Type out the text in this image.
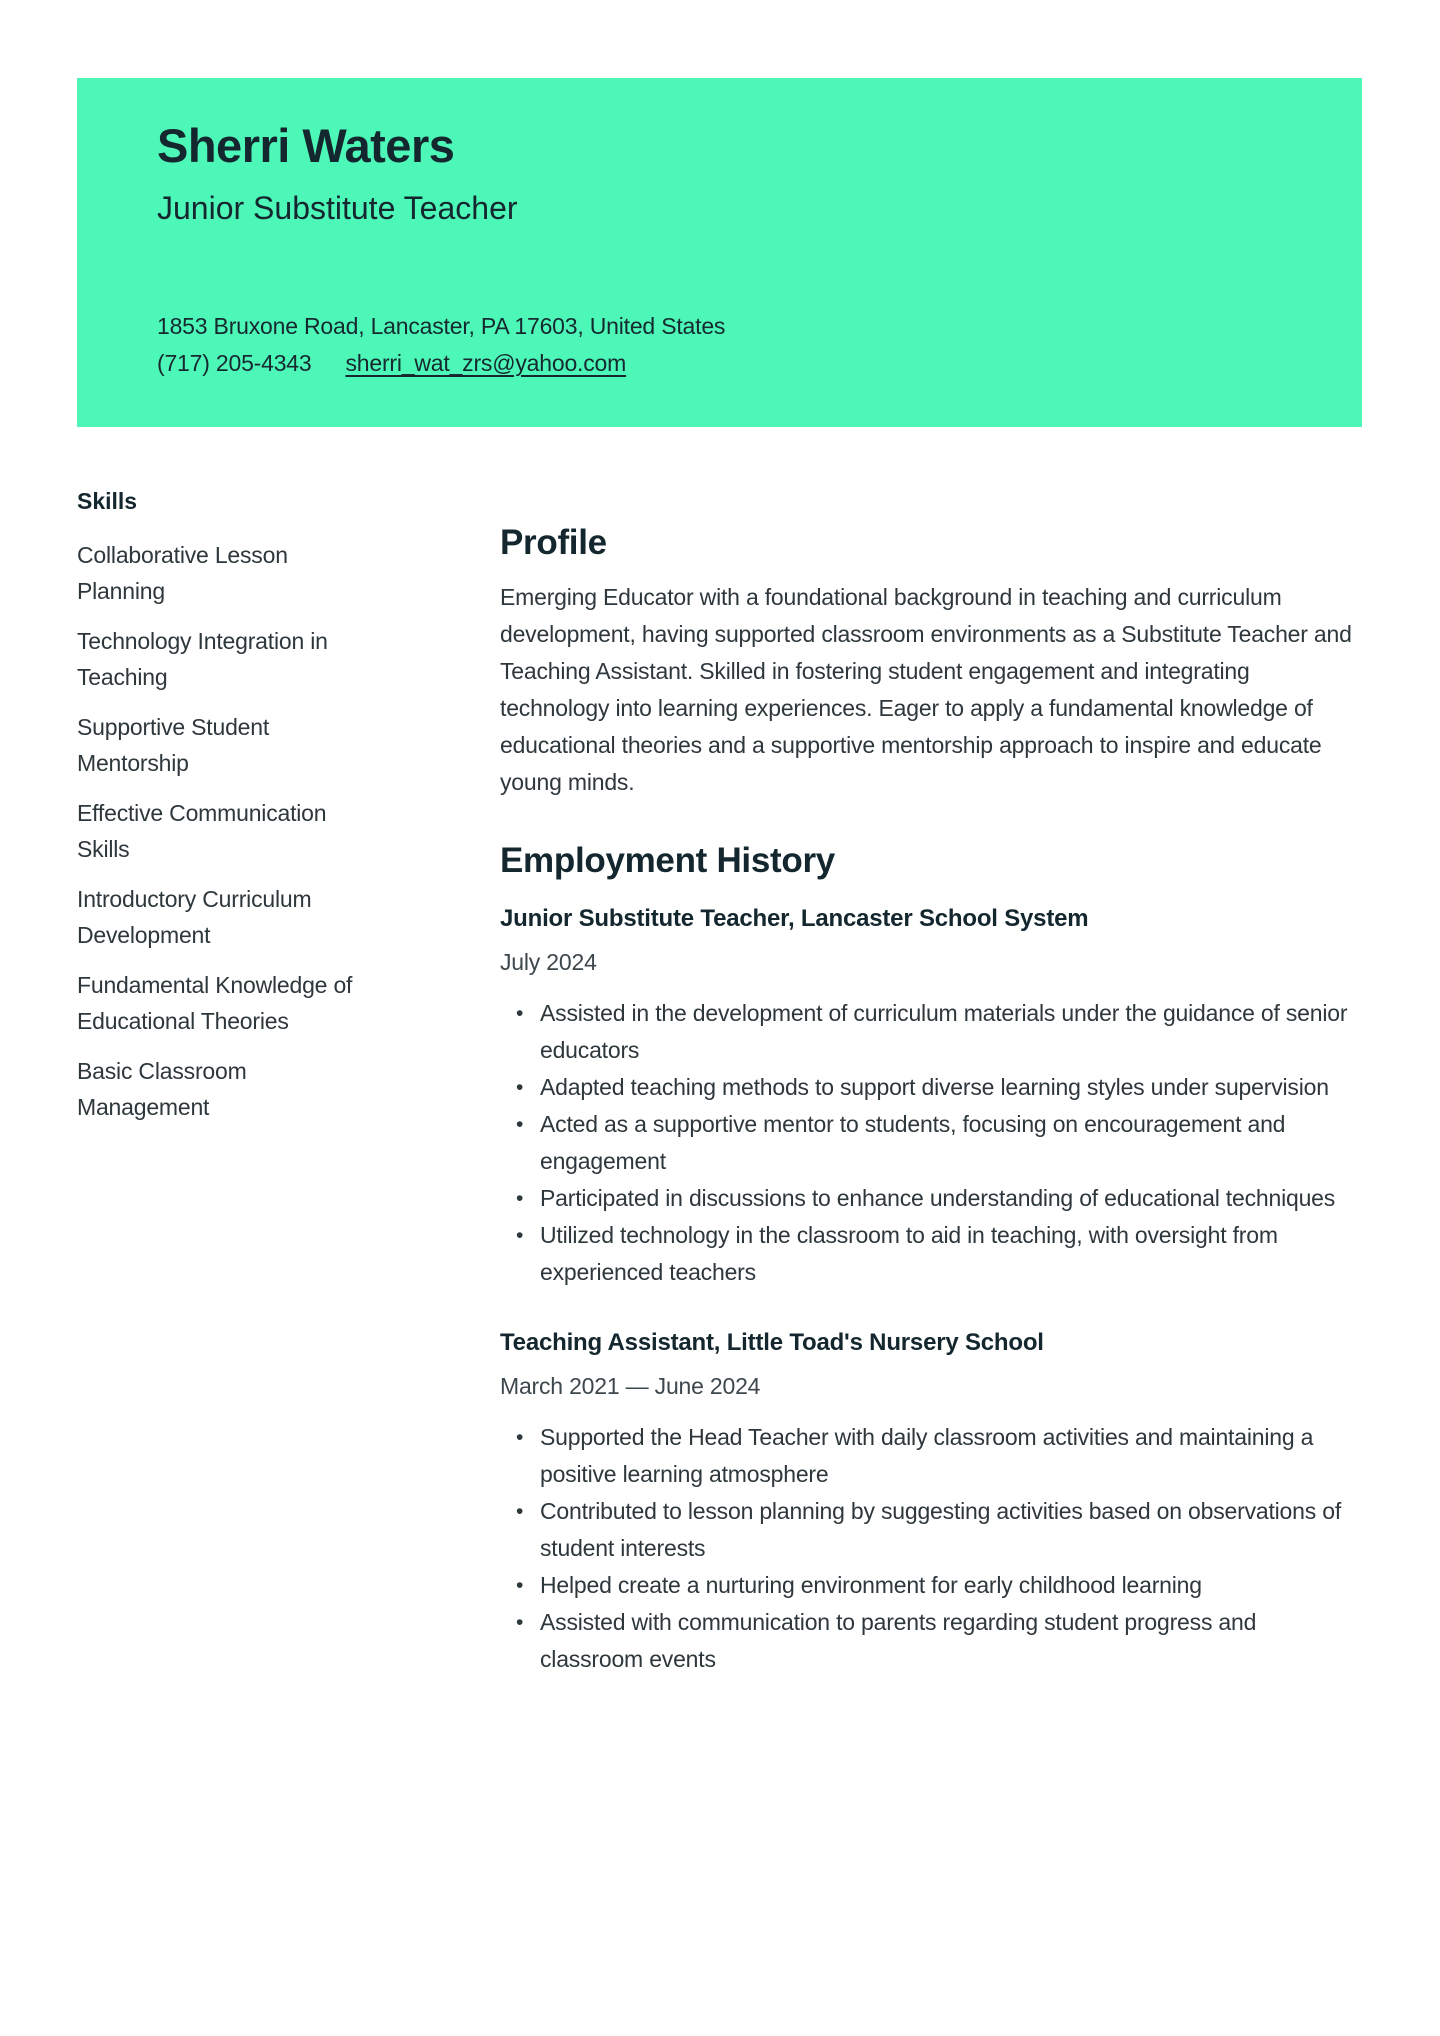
Sherri Waters
Junior Substitute Teacher
1853 Bruxone Road, Lancaster, PA 17603, United States
(717) 205-4343 sherri_wat_zrs@yahoo.com
Skills
Collaborative Lesson Planning
Technology Integration in Teaching
Supportive Student Mentorship
Effective Communication Skills
Introductory Curriculum Development
Fundamental Knowledge of Educational Theories
Basic Classroom Management
Profile

Emerging Educator with a foundational background in teaching and curriculum development, having supported classroom environments as a Substitute Teacher and Teaching Assistant. Skilled in fostering student engagement and integrating technology into learning experiences. Eager to apply a fundamental knowledge of educational theories and a supportive mentorship approach to inspire and educate young minds.

Employment History
Junior Substitute Teacher, Lancaster School System
July 2024
• Assisted in the development of curriculum materials under the guidance of senior educators
• Adapted teaching methods to support diverse learning styles under supervision
• Acted as a supportive mentor to students, focusing on encouragement and engagement
• Participated in discussions to enhance understanding of educational techniques
• Utilized technology in the classroom to aid in teaching, with oversight from experienced teachers
Teaching Assistant, Little Toad's Nursery School
March 2021 — June 2024
• Supported the Head Teacher with daily classroom activities and maintaining a positive learning atmosphere
• Contributed to lesson planning by suggesting activities based on observations of student interests
• Helped create a nurturing environment for early childhood learning
• Assisted with communication to parents regarding student progress and classroom events
